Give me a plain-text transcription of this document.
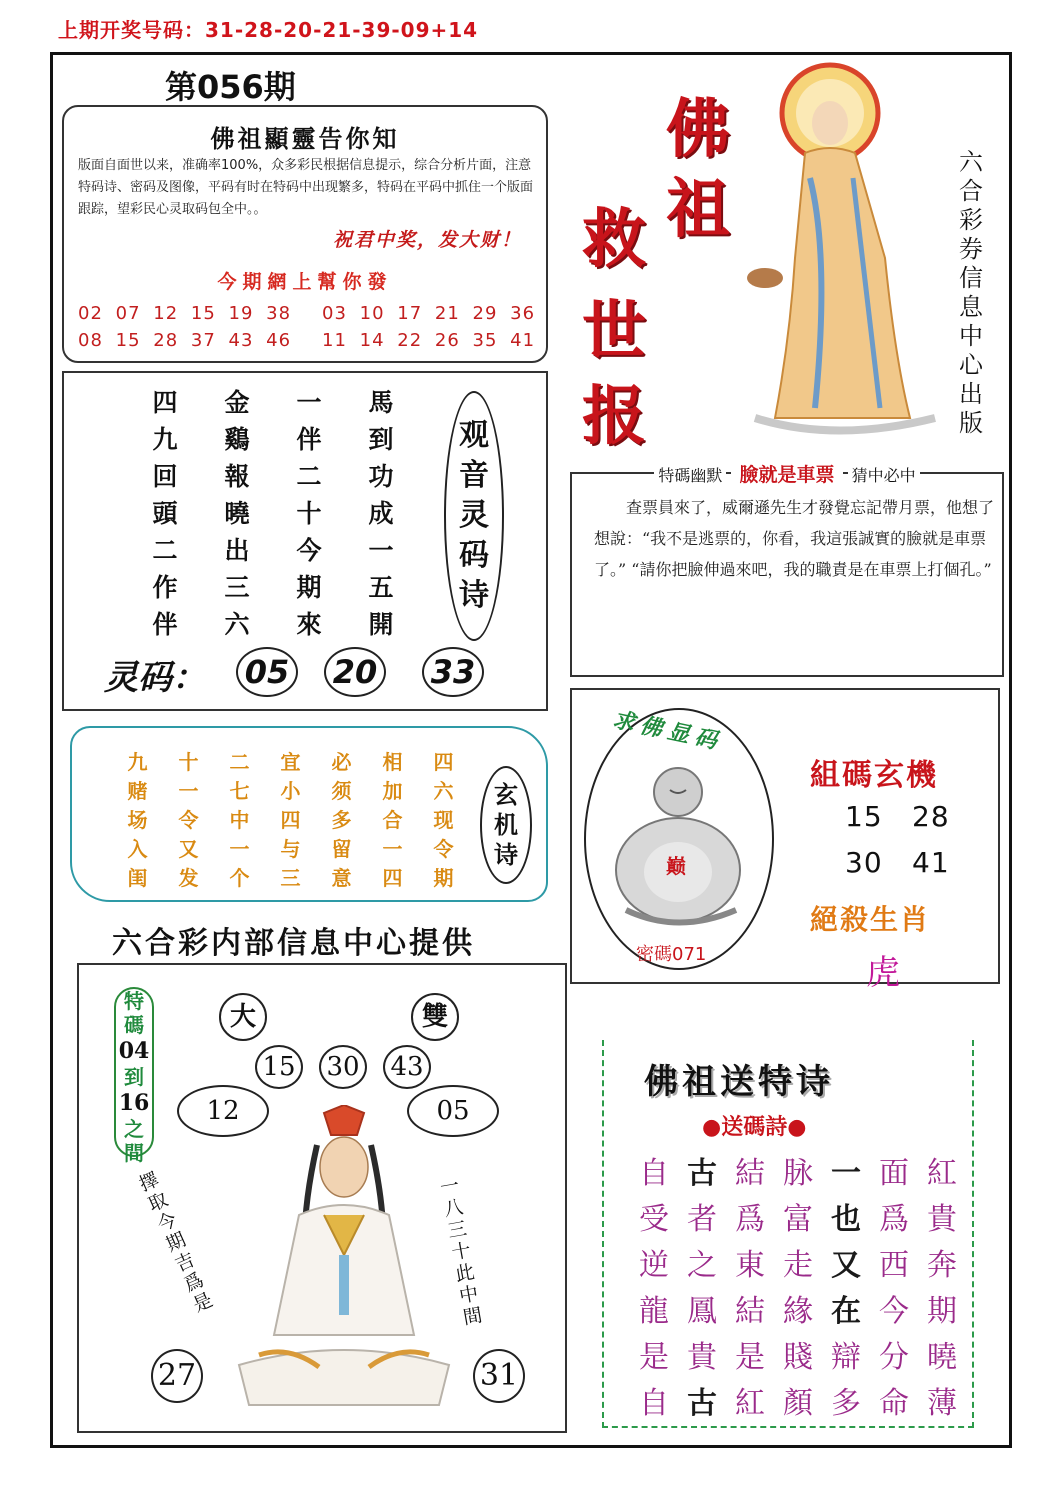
上期开奖号码：31-28-20-21-39-09+14
第056期
佛祖顯靈告你知
版面自面世以来，准确率100%，众多彩民根据信息提示，综合分析片面，注意特码诗、密码及图像，平码有时在特码中出现繁多，特码在平码中抓住一个版面跟踪，望彩民心灵取码包全中。。
祝君中奖，发大财！
今期網上幫你發
02 07 12 15 19 38 03 10 17 21 29 36
08 15 28 37 43 46 11 14 22 26 35 41
佛
祖
救
世
报
六
合
彩
券
信
息
中
心
出
版
四	金	一	馬
九	鷄	伴	到
回	報	二	功
頭	曉	十	成
二	出	今	一
作	三	期	五
伴	六	來	開
观
音
灵
码
诗
灵码： 05 20 33
特碼幽默 臉就是車票 猜中必中
查票員來了，威爾遜先生才發覺忘記帶月票，他想了想說：“我不是逃票的，你看，我這張誠實的臉就是車票了。” “請你把臉伸過來吧，我的職責是在車票上打個孔。”
九	十	二	宜	必	相	四
赌	一	七	小	须	加	六
场	令	中	四	多	合	现
入	又	一	与	留	一	令
闺	发	个	三	意	四	期
玄
机
诗
六合彩内部信息中心提供
求佛显码
巅
密碼071
組碼玄機
15 28
30 41
絕殺生肖
虎
大	雙
15 30 43
12	05
特
碼
04
到
16
之
間
擇取今期吉爲是	一八三十此中間
27	31
佛祖送特诗
●送碼詩●
自 古 結 脉 一 面 紅
受 者 爲 富 也 爲 貴
逆 之 東 走 又 西 奔
龍 鳳 結 緣 在 今 期
是 貴 是 賤 辯 分 曉
自 古 紅 顏 多 命 薄
